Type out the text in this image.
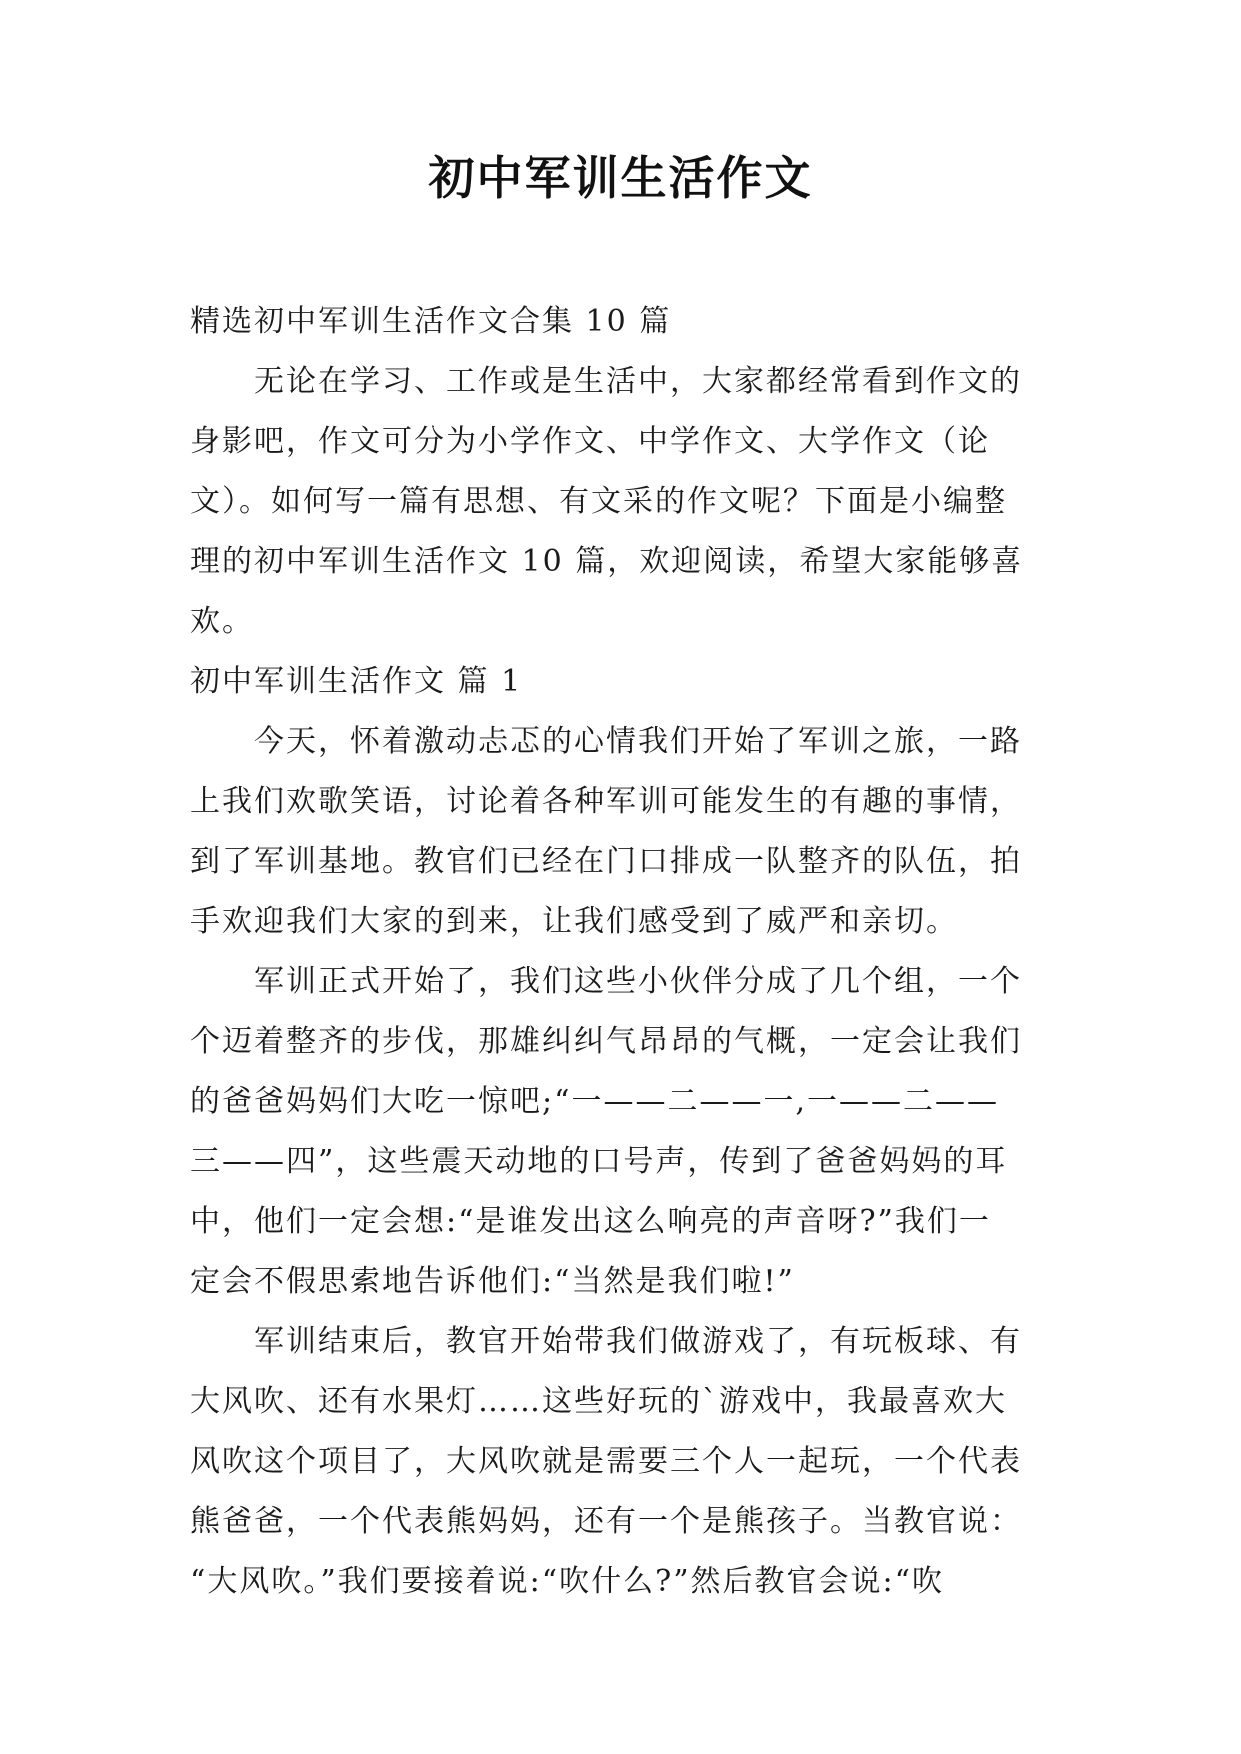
初中军训生活作文
精选初中军训生活作文合集 10 篇
　　无论在学习、工作或是生活中，大家都经常看到作文的
身影吧，作文可分为小学作文、中学作文、大学作文（论
文）。如何写一篇有思想、有文采的作文呢？下面是小编整
理的初中军训生活作文 10 篇，欢迎阅读，希望大家能够喜
欢。
初中军训生活作文 篇 1
　　今天，怀着激动忐忑的心情我们开始了军训之旅，一路
上我们欢歌笑语，讨论着各种军训可能发生的有趣的事情，
到了军训基地。教官们已经在门口排成一队整齐的队伍，拍
手欢迎我们大家的到来，让我们感受到了威严和亲切。
　　军训正式开始了，我们这些小伙伴分成了几个组，一个
个迈着整齐的步伐，那雄纠纠气昂昂的气概，一定会让我们
的爸爸妈妈们大吃一惊吧;“一——二——一,一——二——
三——四”，这些震天动地的口号声，传到了爸爸妈妈的耳
中，他们一定会想:“是谁发出这么响亮的声音呀?”我们一
定会不假思索地告诉他们:“当然是我们啦!”
　　军训结束后，教官开始带我们做游戏了，有玩板球、有
大风吹、还有水果灯……这些好玩的`游戏中，我最喜欢大
风吹这个项目了，大风吹就是需要三个人一起玩，一个代表
熊爸爸，一个代表熊妈妈，还有一个是熊孩子。当教官说：
“大风吹。”我们要接着说:“吹什么?”然后教官会说:“吹
